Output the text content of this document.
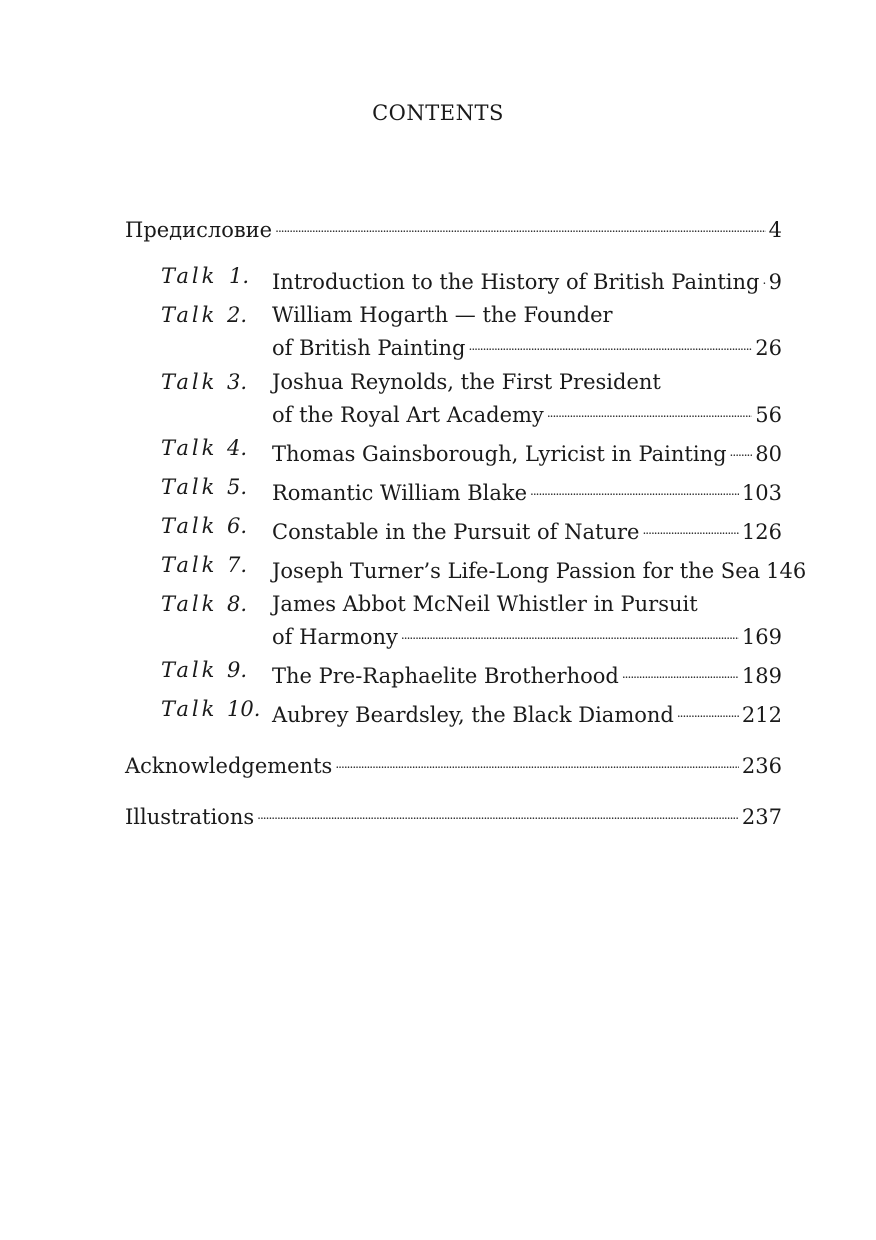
CONTENTS
Предисловие . . .	4
Talk 1. Introduction to the History of British Painting . . . 9
Talk 2. William Hogarth — the Founder
of British Painting . . .	26
Talk 3. Joshua Reynolds, the First President
of the Royal Art Academy . . .	56
Talk 4. Thomas Gainsborough, Lyricist in Painting . . . 80
Talk 5. Romantic William Blake . . .	103
Talk 6. Constable in the Pursuit of Nature . . .	126
Talk 7. Joseph Turner’s Life-Long Passion for the Sea 146
Talk 8. James Abbot McNeil Whistler in Pursuit
of Harmony . . .	169
Talk 9. The Pre-Raphaelite Brotherhood . . .	189
Talk 10. Aubrey Beardsley, the Black Diamond . . .	212
Acknowledgements . . .	236
Illustrations . . .	237
